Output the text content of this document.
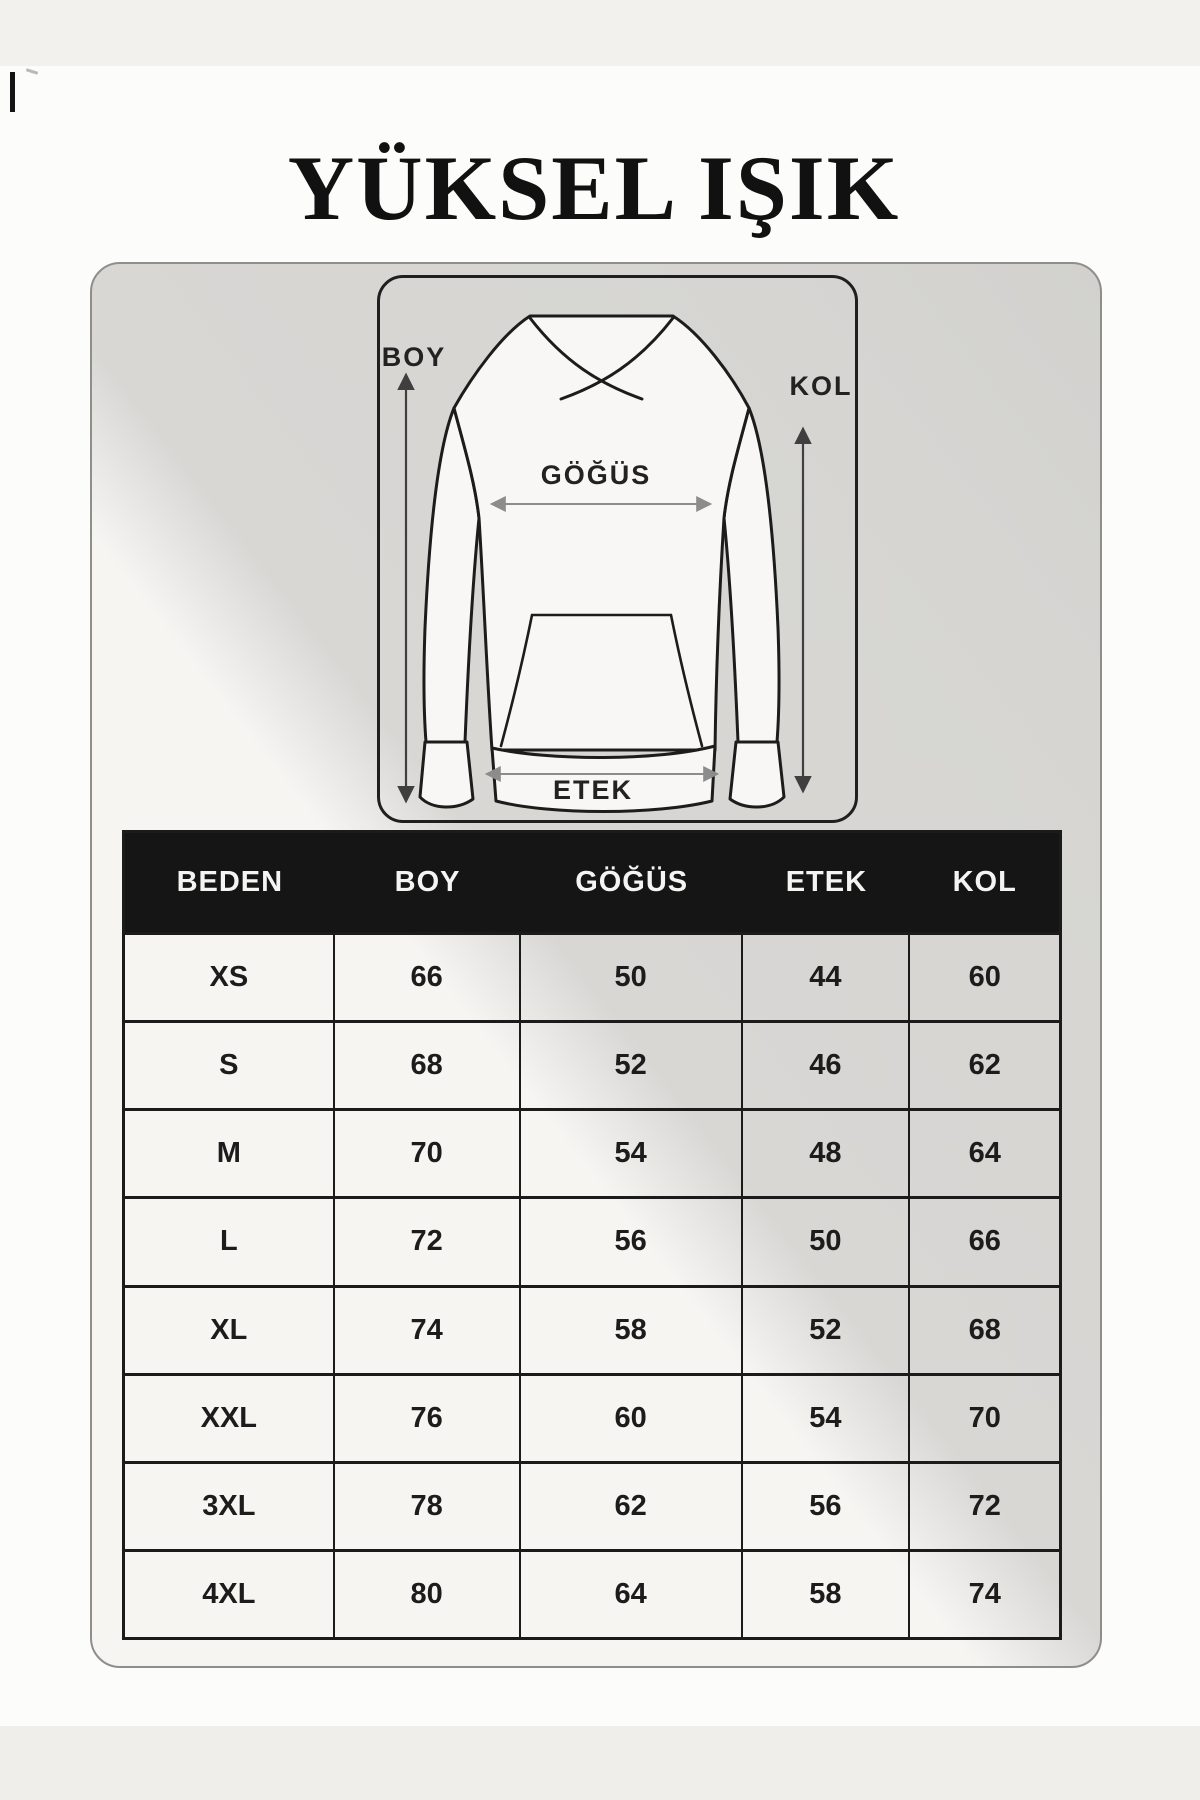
YÜKSEL IŞIK
BOY
KOL
GÖĞÜS
ETEK
BEDEN	BOY	GÖĞÜS	ETEK	KOL
XS	66	50	44	60
S	68	52	46	62
M	70	54	48	64
L	72	56	50	66
XL	74	58	52	68
XXL	76	60	54	70
3XL	78	62	56	72
4XL	80	64	58	74
